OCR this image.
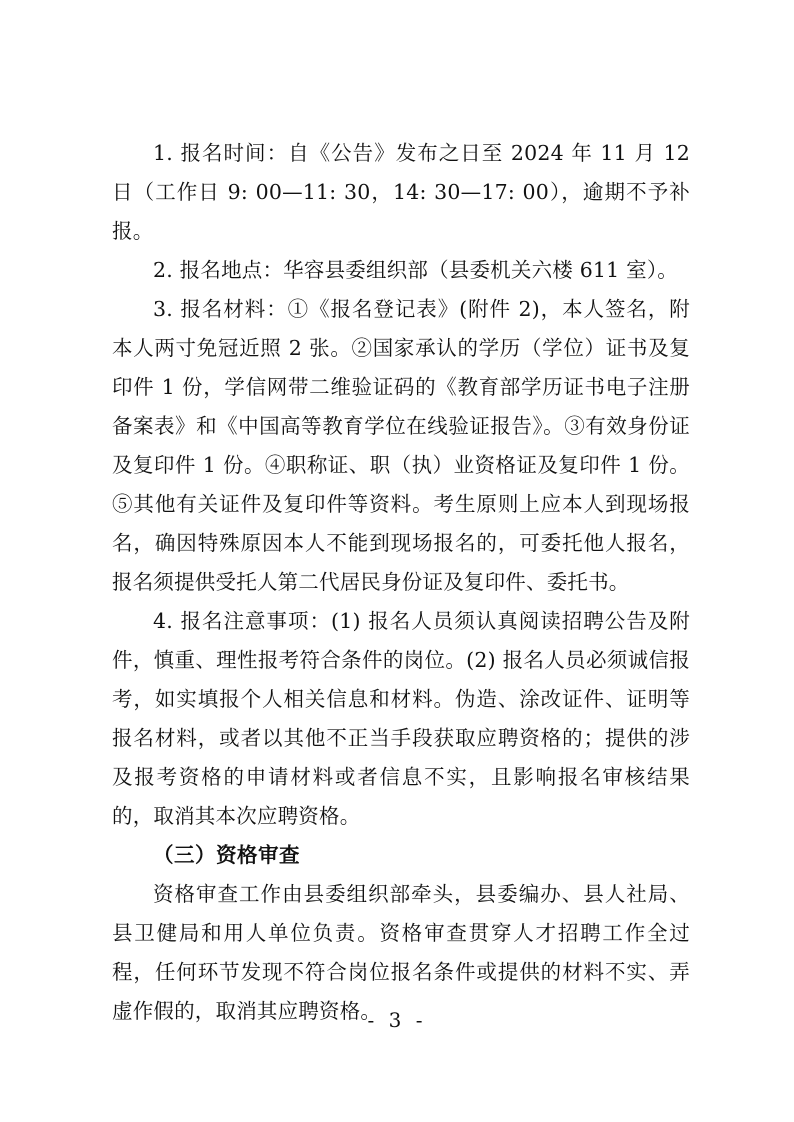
1. 报名时间：自《公告》发布之日至 2024 年 11 月 12 日（工作日 9: 00—11: 30，14: 30—17: 00），逾期不予补报。

2. 报名地点：华容县委组织部（县委机关六楼 611 室）。

3. 报名材料：①《报名登记表》(附件 2)，本人签名，附本人两寸免冠近照 2 张。②国家承认的学历（学位）证书及复印件 1 份，学信网带二维验证码的《教育部学历证书电子注册备案表》和《中国高等教育学位在线验证报告》。③有效身份证及复印件 1 份。④职称证、职（执）业资格证及复印件 1 份。⑤其他有关证件及复印件等资料。考生原则上应本人到现场报名，确因特殊原因本人不能到现场报名的，可委托他人报名，报名须提供受托人第二代居民身份证及复印件、委托书。

4. 报名注意事项：(1) 报名人员须认真阅读招聘公告及附件，慎重、理性报考符合条件的岗位。(2) 报名人员必须诚信报考，如实填报个人相关信息和材料。伪造、涂改证件、证明等报名材料，或者以其他不正当手段获取应聘资格的；提供的涉及报考资格的申请材料或者信息不实，且影响报名审核结果的，取消其本次应聘资格。

（三）资格审查

资格审查工作由县委组织部牵头，县委编办、县人社局、县卫健局和用人单位负责。资格审查贯穿人才招聘工作全过程，任何环节发现不符合岗位报名条件或提供的材料不实、弄虚作假的，取消其应聘资格。

- 3 -
